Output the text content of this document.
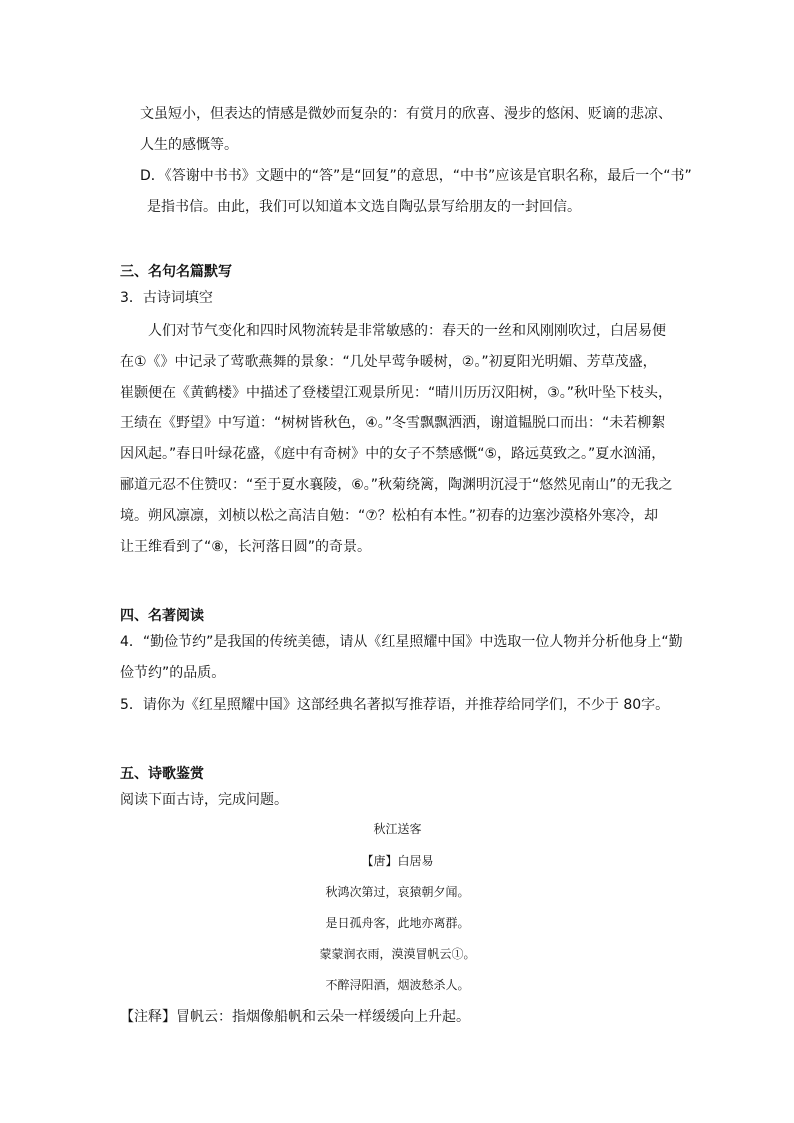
文虽短小，但表达的情感是微妙而复杂的：有赏月的欣喜、漫步的悠闲、贬谪的悲凉、
人生的感慨等。
D．《答谢中书书》文题中的“答”是“回复”的意思，“中书”应该是官职名称，最后一个“书”
是指书信。由此，我们可以知道本文选自陶弘景写给朋友的一封回信。

三、名句名篇默写

3．古诗词填空

人们对节气变化和四时风物流转是非常敏感的：春天的一丝和风刚刚吹过，白居易便
在①《》中记录了莺歌燕舞的景象：“几处早莺争暖树，②。”初夏阳光明媚、芳草茂盛，
崔颢便在《黄鹤楼》中描述了登楼望江观景所见：“晴川历历汉阳树，③。”秋叶坠下枝头，
王绩在《野望》中写道：“树树皆秋色，④。”冬雪飘飘洒洒，谢道韫脱口而出：“未若柳絮
因风起。”春日叶绿花盛，《庭中有奇树》中的女子不禁感慨“⑤，路远莫致之。”夏水汹涌，
郦道元忍不住赞叹：“至于夏水襄陵，⑥。”秋菊绕篱，陶渊明沉浸于“悠然见南山”的无我之
境。朔风凛凛，刘桢以松之高洁自勉：“⑦？松柏有本性。”初春的边塞沙漠格外寒冷，却
让王维看到了“⑧，长河落日圆”的奇景。

四、名著阅读

4．“勤俭节约”是我国的传统美德，请从《红星照耀中国》中选取一位人物并分析他身上“勤
俭节约”的品质。

5．请你为《红星照耀中国》这部经典名著拟写推荐语，并推荐给同学们，不少于 80字。

五、诗歌鉴赏

阅读下面古诗，完成问题。

秋江送客

【唐】白居易

秋鸿次第过，哀猿朝夕闻。

是日孤舟客，此地亦离群。

蒙蒙润衣雨，漠漠冒帆云①。

不醉浔阳酒，烟波愁杀人。

【注释】冒帆云：指烟像船帆和云朵一样缓缓向上升起。
